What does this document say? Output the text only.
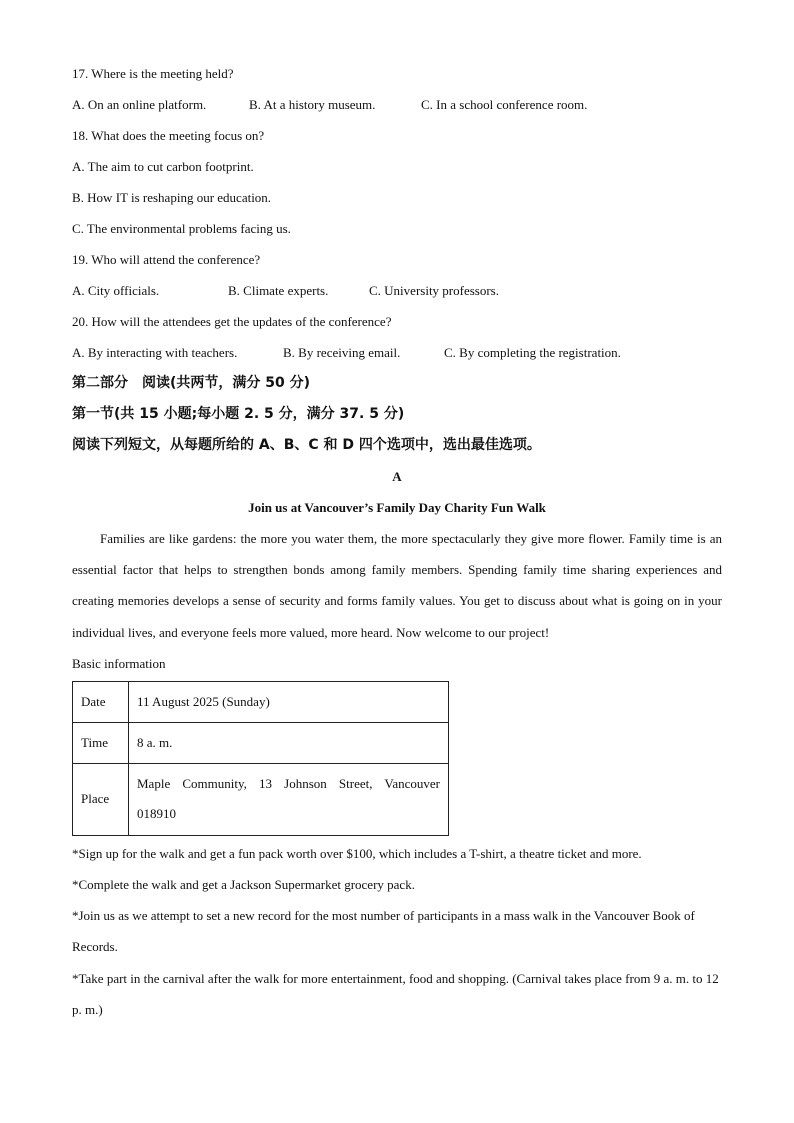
17. Where is the meeting held?
A. On an online platform.	B. At a history museum.	C. In a school conference room.
18. What does the meeting focus on?
A. The aim to cut carbon footprint.
B. How IT is reshaping our education.
C. The environmental problems facing us.
19. Who will attend the conference?
A. City officials.	B. Climate experts.	C. University professors.
20. How will the attendees get the updates of the conference?
A. By interacting with teachers.	B. By receiving email.	C. By completing the registration.
第二部分　阅读(共两节，满分 50 分)
第一节(共 15 小题;每小题 2. 5 分，满分 37. 5 分)
阅读下列短文，从每题所给的 A、B、C 和 D 四个选项中，选出最佳选项。
A
Join us at Vancouver’s Family Day Charity Fun Walk

Families are like gardens: the more you water them, the more spectacularly they give more flower. Family time is an essential factor that helps to strengthen bonds among family members. Spending family time sharing experiences and creating memories develops a sense of security and forms family values. You get to discuss about what is going on in your individual lives, and everyone feels more valued, more heard. Now welcome to our project!

Basic information
Date	11 August 2025 (Sunday)
Time	8 a. m.
Place	Maple Community, 13 Johnson Street, Vancouver
018910

*Sign up for the walk and get a fun pack worth over $100, which includes a T-shirt, a theatre ticket and more.

*Complete the walk and get a Jackson Supermarket grocery pack.

*Join us as we attempt to set a new record for the most number of participants in a mass walk in the Vancouver Book of Records.

*Take part in the carnival after the walk for more entertainment, food and shopping. (Carnival takes place from 9 a. m. to 12 p. m.)
